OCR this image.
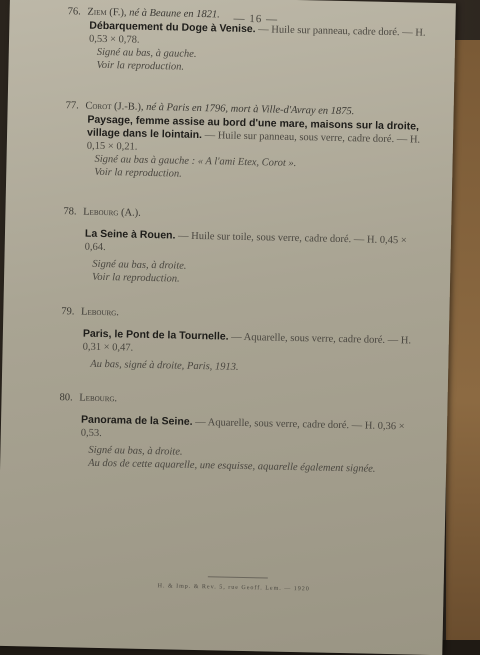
— 16 —
76. Ziem (F.), né à Beaune en 1821.
Débarquement du Doge à Venise. — Huile sur panneau, cadre doré. — H. 0,53 × 0,78.
Signé au bas, à gauche.
Voir la reproduction.
77. Corot (J.-B.), né à Paris en 1796, mort à Ville-d'Avray en 1875.
Paysage, femme assise au bord d'une mare, maisons sur la droite, village dans le lointain. — Huile sur panneau, sous verre, cadre doré. — H. 0,15 × 0,21.
Signé au bas à gauche : « A l'ami Etex, Corot ».
Voir la reproduction.
78. Lebourg (A.).
La Seine à Rouen. — Huile sur toile, sous verre, cadre doré. — H. 0,45 × 0,64.
Signé au bas, à droite.
Voir la reproduction.
79. Lebourg.
Paris, le Pont de la Tournelle. — Aquarelle, sous verre, cadre doré. — H. 0,31 × 0,47.
Au bas, signé à droite, Paris, 1913.
80. Lebourg.
Panorama de la Seine. — Aquarelle, sous verre, cadre doré. — H. 0,36 × 0,53.
Signé au bas, à droite.
Au dos de cette aquarelle, une esquisse, aquarelle également signée.
H. & Imp. & Rev. 5, rue Geoff. Lem. — 1920
